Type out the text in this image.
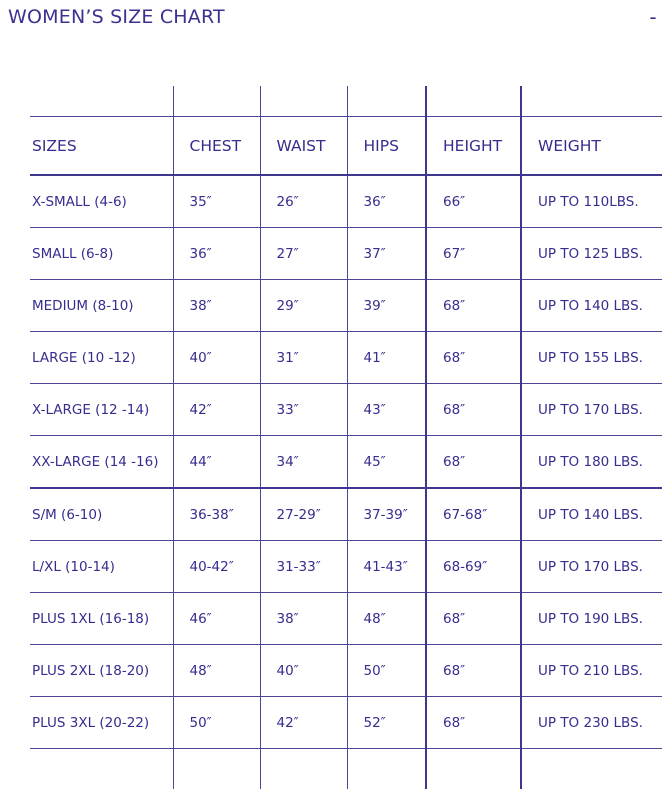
WOMEN’S SIZE CHART	-

SIZES	CHEST	WAIST	HIPS	HEIGHT	WEIGHT
X-SMALL (4-6)	35″	26″	36″	66″	UP TO 110LBS.
SMALL (6-8)	36″	27″	37″	67″	UP TO 125 LBS.
MEDIUM (8-10)	38″	29″	39″	68″	UP TO 140 LBS.
LARGE (10 -12)	40″	31″	41″	68″	UP TO 155 LBS.
X-LARGE (12 -14)	42″	33″	43″	68″	UP TO 170 LBS.
XX-LARGE (14 -16)	44″	34″	45″	68″	UP TO 180 LBS.
S/M (6-10)	36-38″	27-29″	37-39″	67-68″	UP TO 140 LBS.
L/XL (10-14)	40-42″	31-33″	41-43″	68-69″	UP TO 170 LBS.
PLUS 1XL (16-18)	46″	38″	48″	68″	UP TO 190 LBS.
PLUS 2XL (18-20)	48″	40″	50″	68″	UP TO 210 LBS.
PLUS 3XL (20-22)	50″	42″	52″	68″	UP TO 230 LBS.
